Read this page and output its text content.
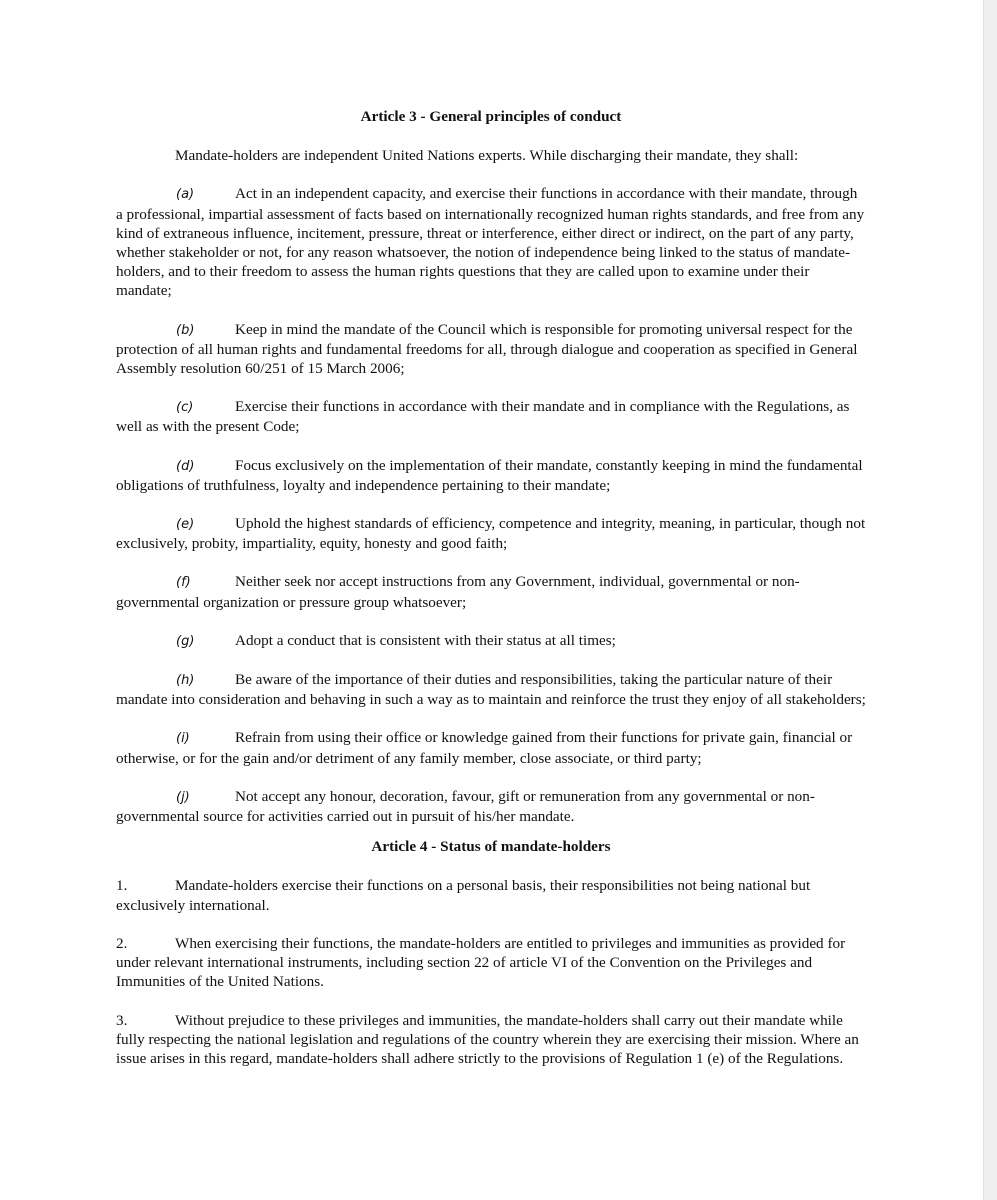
Article 3 - General principles of conduct

Mandate-holders are independent United Nations experts. While discharging their mandate, they shall:

(a)	Act in an independent capacity, and exercise their functions in accordance with their mandate, through a professional, impartial assessment of facts based on internationally recognized human rights standards, and free from any kind of extraneous influence, incitement, pressure, threat or interference, either direct or indirect, on the part of any party, whether stakeholder or not, for any reason whatsoever, the notion of independence being linked to the status of mandate-holders, and to their freedom to assess the human rights questions that they are called upon to examine under their mandate;

(b)	Keep in mind the mandate of the Council which is responsible for promoting universal respect for the protection of all human rights and fundamental freedoms for all, through dialogue and cooperation as specified in General Assembly resolution 60/251 of 15 March 2006;

(c)	Exercise their functions in accordance with their mandate and in compliance with the Regulations, as well as with the present Code;

(d)	Focus exclusively on the implementation of their mandate, constantly keeping in mind the fundamental obligations of truthfulness, loyalty and independence pertaining to their mandate;

(e)	Uphold the highest standards of efficiency, competence and integrity, meaning, in particular, though not exclusively, probity, impartiality, equity, honesty and good faith;

(f)	Neither seek nor accept instructions from any Government, individual, governmental or non-governmental organization or pressure group whatsoever;

(g)	Adopt a conduct that is consistent with their status at all times;

(h)	Be aware of the importance of their duties and responsibilities, taking the particular nature of their mandate into consideration and behaving in such a way as to maintain and reinforce the trust they enjoy of all stakeholders;

(i)	Refrain from using their office or knowledge gained from their functions for private gain, financial or otherwise, or for the gain and/or detriment of any family member, close associate, or third party;

(j)	Not accept any honour, decoration, favour, gift or remuneration from any governmental or non-governmental source for activities carried out in pursuit of his/her mandate.

Article 4 - Status of mandate-holders

1.	Mandate-holders exercise their functions on a personal basis, their responsibilities not being national but exclusively international.

2.	When exercising their functions, the mandate-holders are entitled to privileges and immunities as provided for under relevant international instruments, including section 22 of article VI of the Convention on the Privileges and Immunities of the United Nations.

3.	Without prejudice to these privileges and immunities, the mandate-holders shall carry out their mandate while fully respecting the national legislation and regulations of the country wherein they are exercising their mission. Where an issue arises in this regard, mandate-holders shall adhere strictly to the provisions of Regulation 1 (e) of the Regulations.
